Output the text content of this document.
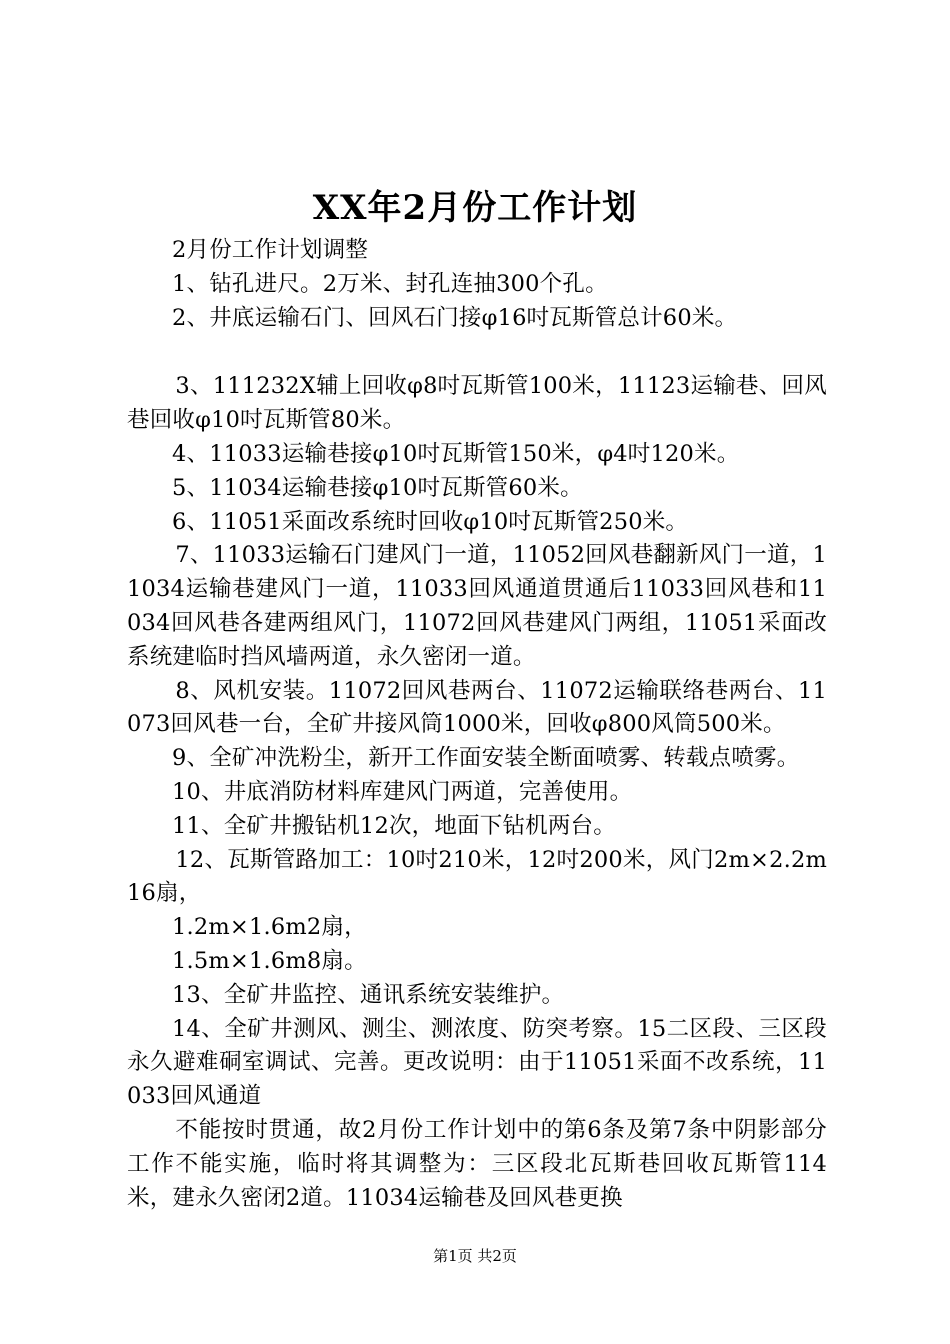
XX年2月份工作计划

2月份工作计划调整

1、钻孔进尺。2万米、封孔连抽300个孔。

2、井底运输石门、回风石门接φ16吋瓦斯管总计60米。

3、111232X辅上回收φ8吋瓦斯管100米，11123运输巷、回风巷回收φ10吋瓦斯管80米。

4、11033运输巷接φ10吋瓦斯管150米，φ4吋120米。

5、11034运输巷接φ10吋瓦斯管60米。

6、11051采面改系统时回收φ10吋瓦斯管250米。

7、11033运输石门建风门一道，11052回风巷翻新风门一道，11034运输巷建风门一道，11033回风通道贯通后11033回风巷和11034回风巷各建两组风门，11072回风巷建风门两组，11051采面改系统建临时挡风墙两道，永久密闭一道。

8、风机安装。11072回风巷两台、11072运输联络巷两台、11073回风巷一台，全矿井接风筒1000米，回收φ800风筒500米。

9、全矿冲洗粉尘，新开工作面安装全断面喷雾、转载点喷雾。

10、井底消防材料库建风门两道，完善使用。

11、全矿井搬钻机12次，地面下钻机两台。

12、瓦斯管路加工：10吋210米，12吋200米，风门2m×2.2m16扇，

1.2m×1.6m2扇，

1.5m×1.6m8扇。

13、全矿井监控、通讯系统安装维护。

14、全矿井测风、测尘、测浓度、防突考察。15二区段、三区段永久避难硐室调试、完善。更改说明：由于11051采面不改系统，11033回风通道

不能按时贯通，故2月份工作计划中的第6条及第7条中阴影部分工作不能实施，临时将其调整为：三区段北瓦斯巷回收瓦斯管114米，建永久密闭2道。11034运输巷及回风巷更换

第1页 共2页
